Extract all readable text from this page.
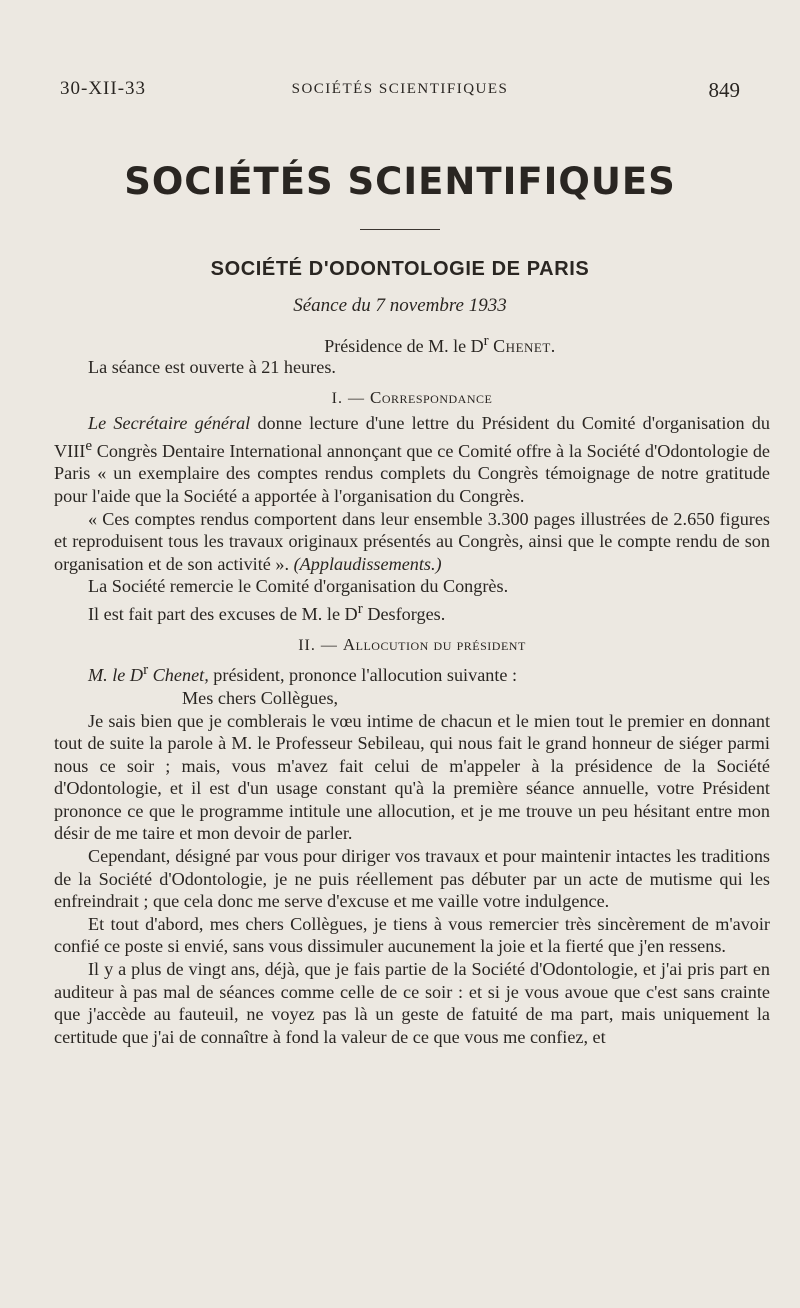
30-XII-33	SOCIÉTÉS SCIENTIFIQUES	849
SOCIÉTÉS SCIENTIFIQUES
SOCIÉTÉ D'ODONTOLOGIE DE PARIS
Séance du 7 novembre 1933
Présidence de M. le $D^r$ Chenet.

La séance est ouverte à 21 heures.

I. — Correspondance

Le Secrétaire général donne lecture d'une lettre du Président du Comité d'organisation du VIIIe Congrès Dentaire International annonçant que ce Comité offre à la Société d'Odontologie de Paris « un exemplaire des comptes rendus complets du Congrès témoignage de notre gratitude pour l'aide que la Société a apportée à l'organisation du Congrès.

« Ces comptes rendus comportent dans leur ensemble 3.300 pages illustrées de 2.650 figures et reproduisent tous les travaux originaux présentés au Congrès, ainsi que le compte rendu de son organisation et de son activité ». (Applaudissements.)

La Société remercie le Comité d'organisation du Congrès.

Il est fait part des excuses de M. le $D^r$ Desforges.

II. — Allocution du président

M. le $D^r$ Chenet, président, prononce l'allocution suivante :

Mes chers Collègues,

Je sais bien que je comblerais le vœu intime de chacun et le mien tout le premier en donnant tout de suite la parole à M. le Professeur Sebileau, qui nous fait le grand honneur de siéger parmi nous ce soir ; mais, vous m'avez fait celui de m'appeler à la présidence de la Société d'Odontologie, et il est d'un usage constant qu'à la première séance annuelle, votre Président prononce ce que le programme intitule une allocution, et je me trouve un peu hésitant entre mon désir de me taire et mon devoir de parler.

Cependant, désigné par vous pour diriger vos travaux et pour maintenir intactes les traditions de la Société d'Odontologie, je ne puis réellement pas débuter par un acte de mutisme qui les enfreindrait ; que cela donc me serve d'excuse et me vaille votre indulgence.

Et tout d'abord, mes chers Collègues, je tiens à vous remercier très sincèrement de m'avoir confié ce poste si envié, sans vous dissimuler aucunement la joie et la fierté que j'en ressens.

Il y a plus de vingt ans, déjà, que je fais partie de la Société d'Odontologie, et j'ai pris part en auditeur à pas mal de séances comme celle de ce soir : et si je vous avoue que c'est sans crainte que j'accède au fauteuil, ne voyez pas là un geste de fatuité de ma part, mais uniquement la certitude que j'ai de connaître à fond la valeur de ce que vous me confiez, et
